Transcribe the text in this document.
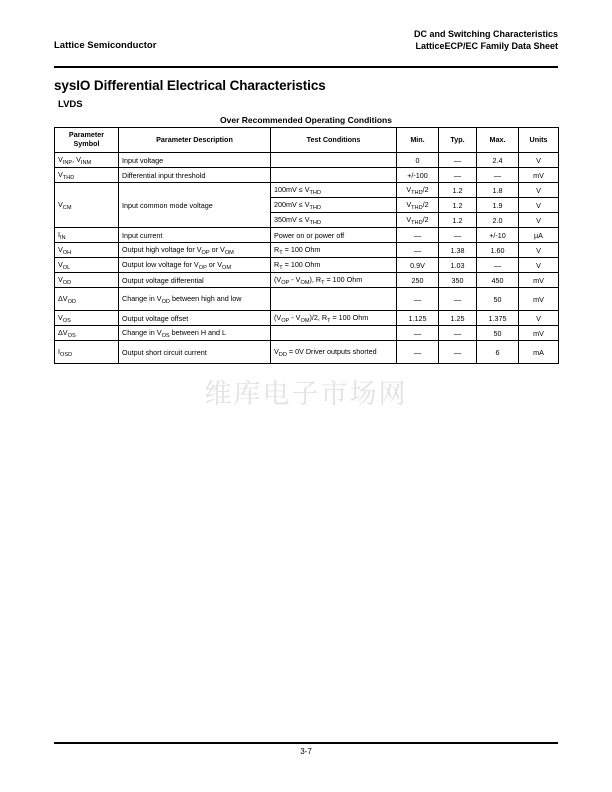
Lattice Semiconductor
DC and Switching Characteristics
LatticeECP/EC Family Data Sheet
sysIO Differential Electrical Characteristics
LVDS
Over Recommended Operating Conditions
Parameter
Symbol	Parameter Description	Test Conditions	Min.	Typ.	Max.	Units
$V_{INP}$, $V_{INM}$	Input voltage		0	—	2.4	V
$V_{THD}$	Differential input threshold		+/-100	—	—	mV
$V_{CM}$	Input common mode voltage	$100mV \le V_{THD}$	$V_{THD}/2$	1.2	1.8	V
		$200mV \le V_{THD}$	$V_{THD}/2$	1.2	1.9	V
		$350mV \le V_{THD}$	$V_{THD}/2$	1.2	2.0	V
$I_{IN}$	Input current	Power on or power off	—	—	+/-10	µA
$V_{OH}$	Output high voltage for $V_{OP}$ or $V_{OM}$	$R_T = 100$ Ohm	—	1.38	1.60	V
$V_{OL}$	Output low voltage for $V_{OP}$ or $V_{OM}$	$R_T = 100$ Ohm	0.9V	1.03	—	V
$V_{OD}$	Output voltage differential	$(V_{OP} - V_{OM})$, $R_T = 100$ Ohm	250	350	450	mV
$\Delta V_{OD}$	Change in $V_{OD}$ between high and low		—	—	50	mV
$V_{OS}$	Output voltage offset	$(V_{OP} - V_{OM})/2$, $R_T = 100$ Ohm	1.125	1.25	1.375	V
$\Delta V_{OS}$	Change in $V_{OS}$ between H and L		—	—	50	mV
$I_{OSD}$	Output short circuit current	$V_{DD} = 0V$ Driver outputs shorted	—	—	6	mA
维库电子市场网
3-7
